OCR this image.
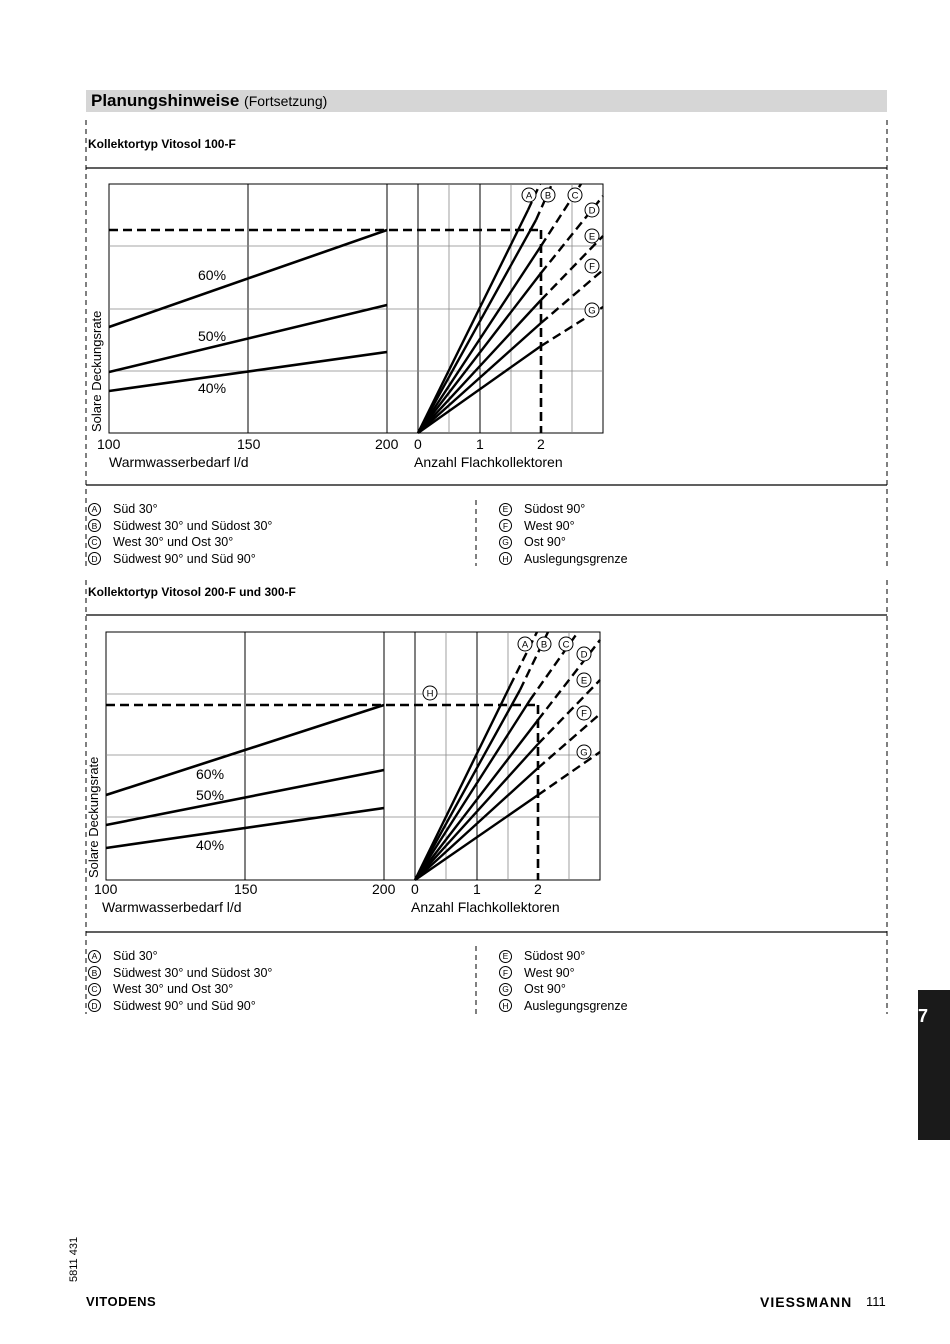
Planungshinweise (Fortsetzung)
Kollektortyp Vitosol 100-F
Solare Deckungsrate
A B C
D
E
F
G
60%
50%
40%
100	150	200 0	1	2
Warmwasserbedarf l/d	Anzahl Flachkollektoren
A Süd 30°
B Südwest 30° und Südost 30°
C West 30° und Ost 30°
D Südwest 90° und Süd 90°
E Südost 90°
F	West 90°
G Ost 90°
H Auslegungsgrenze
Kollektortyp Vitosol 200-F und 300-F
Solare Deckungsrate
A B C
D
E
F
G
H
60%
50%
40%
100	150	200 0	1	2
Warmwasserbedarf l/d	Anzahl Flachkollektoren
A Süd 30°
B Südwest 30° und Südost 30°
C West 30° und Ost 30°
D Südwest 90° und Süd 90°
E Südost 90°
F	West 90°
G Ost 90°
H Auslegungsgrenze
7
5811 431
VITODENS	VIESSMANN 111
